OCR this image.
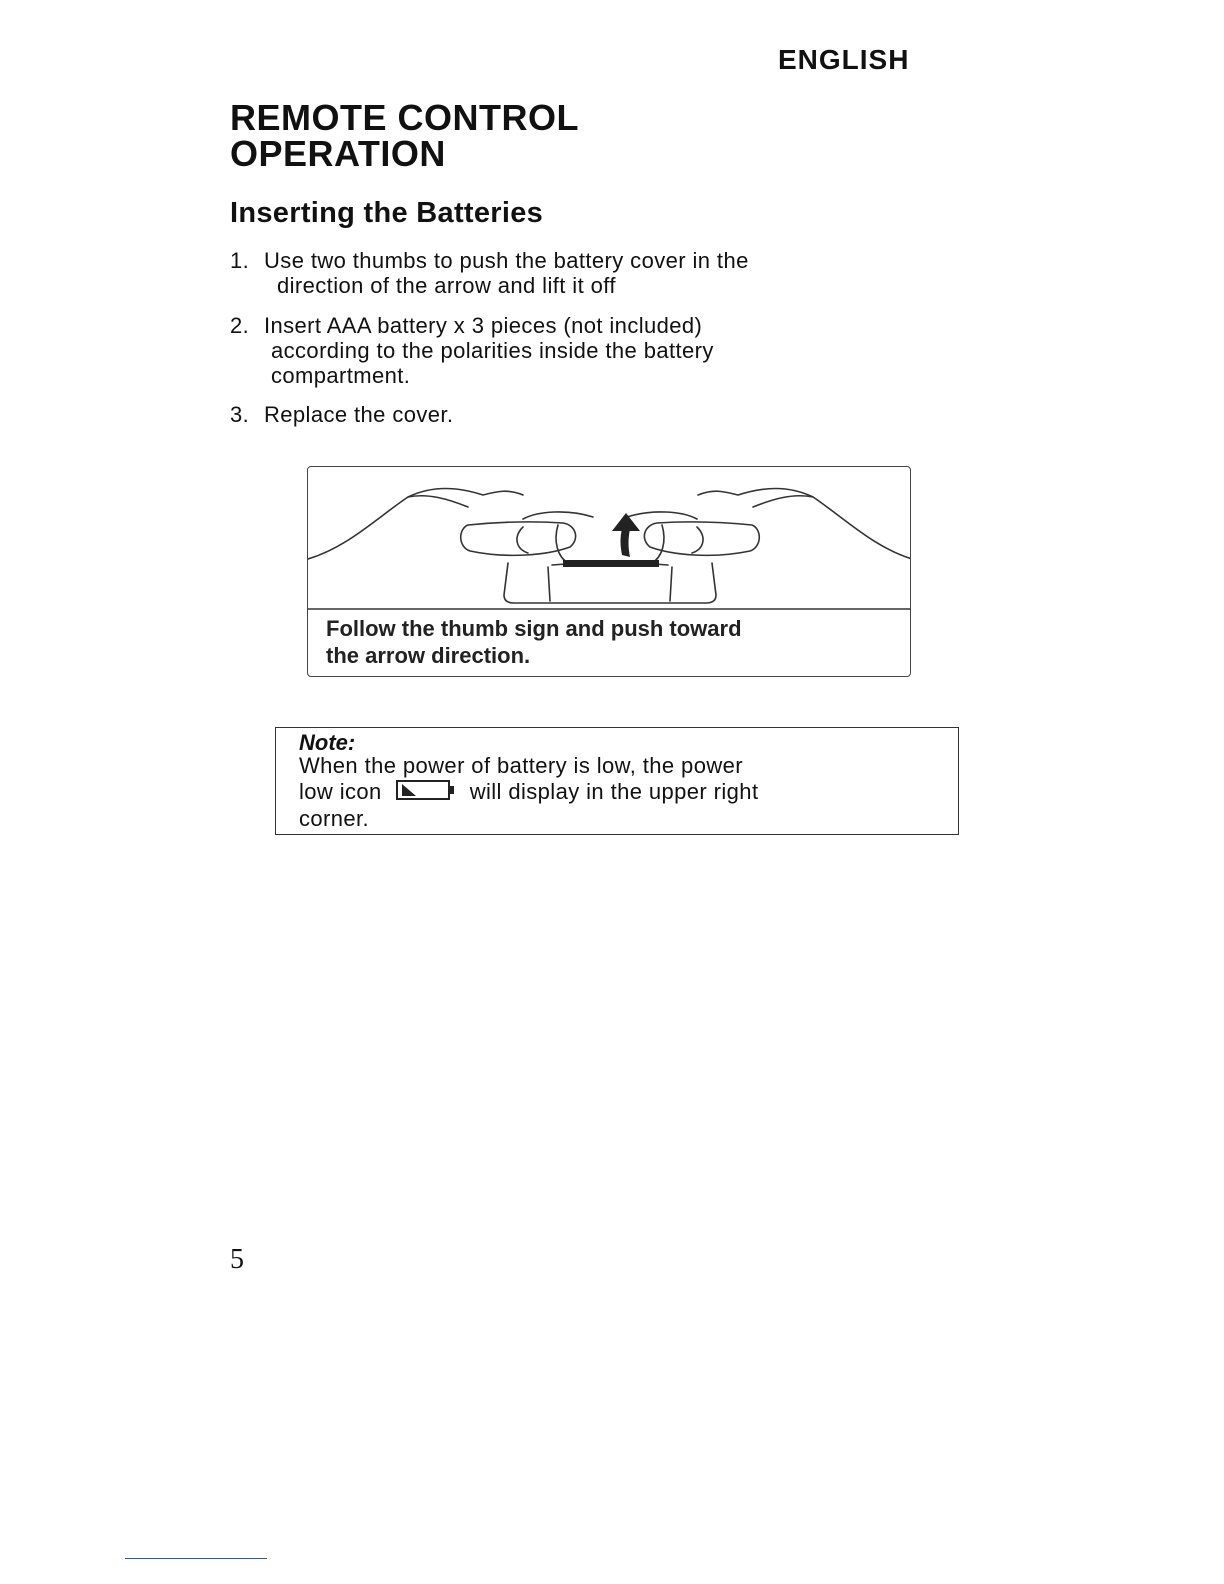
ENGLISH
REMOTE CONTROL
OPERATION
Inserting the Batteries
1. Use two thumbs to push the battery cover in the
direction of the arrow and lift it off
2. Insert AAA battery x 3 pieces (not included)
according to the polarities inside the battery
compartment.
3. Replace the cover.
Follow the thumb sign and push toward
the arrow direction.
Note:
When the power of battery is low, the power
low icon	will display in the upper right
corner.
5
